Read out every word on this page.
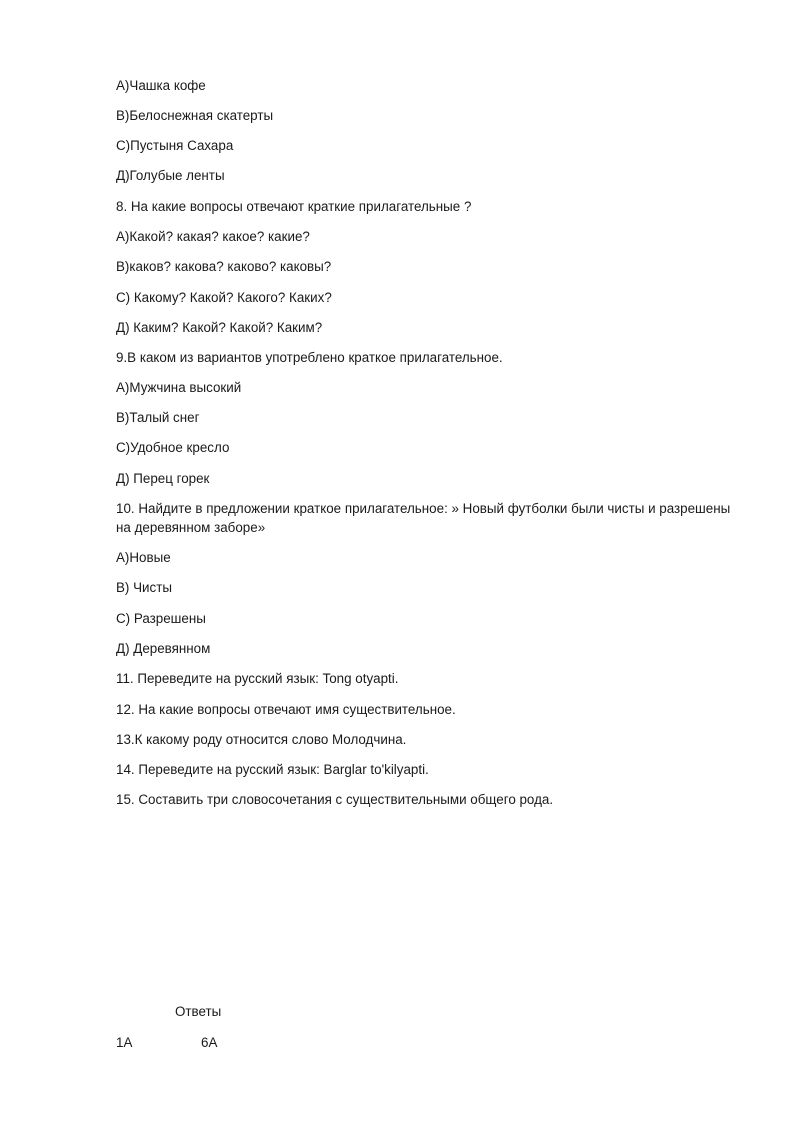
А)Чашка кофе
В)Белоснежная скатерты
С)Пустыня Сахара
Д)Голубые ленты
8. На какие вопросы отвечают краткие прилагательные ?
А)Какой? какая? какое? какие?
В)каков? какова? каково? каковы?
С) Какому? Какой? Какого? Каких?
Д) Каким? Какой? Какой? Каким?
9.В каком из вариантов употреблено краткое прилагательное.
А)Мужчина высокий
В)Талый снег
С)Удобное кресло
Д) Перец горек
10. Найдите в предложении краткое прилагательное: » Новый футболки были чисты и разрешены на деревянном заборе»
А)Новые
В) Чисты
С) Разрешены
Д) Деревянном
11. Переведите на русский язык: Tong otyapti.
12. На какие вопросы отвечают имя существительное.
13.К какому роду относится слово Молодчина.
14. Переведите на русский язык: Barglar to'kilyapti.
15. Составить три словосочетания с существительными общего рода.
Ответы
1А	6А
